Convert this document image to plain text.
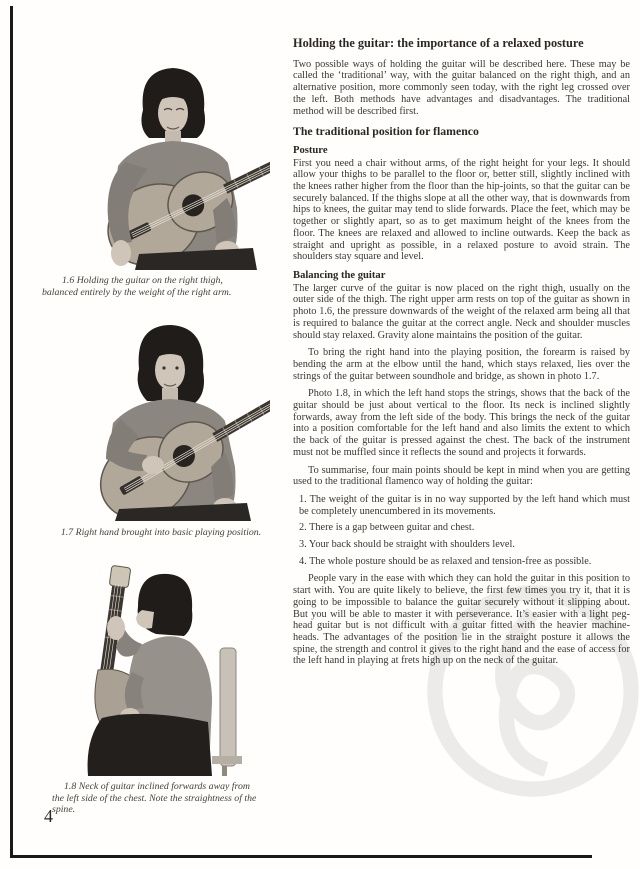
1.6 Holding the guitar on the right thigh, balanced entirely by the weight of the right arm.
1.7 Right hand brought into basic playing position.
1.8 Neck of guitar inclined forwards away from the left side of the chest. Note the straightness of the spine.
Holding the guitar: the importance of a relaxed posture

Two possible ways of holding the guitar will be described here. These may be called the ‘traditional’ way, with the guitar balanced on the right thigh, and an alternative position, more commonly seen today, with the right leg crossed over the left. Both methods have advantages and disadvantages. The traditional method will be described first.

The traditional position for flamenco
Posture

First you need a chair without arms, of the right height for your legs. It should allow your thighs to be parallel to the floor or, better still, slightly inclined with the knees rather higher from the floor than the hip-joints, so that the guitar can be securely balanced. If the thighs slope at all the other way, that is downwards from hips to knees, the guitar may tend to slide forwards. Place the feet, which may be together or slightly apart, so as to get maximum height of the knees from the floor. The knees are relaxed and allowed to incline outwards. Keep the back as straight and upright as possible, in a relaxed posture to avoid strain. The shoulders stay square and level.

Balancing the guitar

The larger curve of the guitar is now placed on the right thigh, usually on the outer side of the thigh. The right upper arm rests on top of the guitar as shown in photo 1.6, the pressure downwards of the weight of the relaxed arm being all that is required to balance the guitar at the correct angle. Neck and shoulder muscles should stay relaxed. Gravity alone maintains the position of the guitar.

To bring the right hand into the playing position, the forearm is raised by bending the arm at the elbow until the hand, which stays relaxed, lies over the strings of the guitar between soundhole and bridge, as shown in photo 1.7.

Photo 1.8, in which the left hand stops the strings, shows that the back of the guitar should be just about vertical to the floor. Its neck is inclined slightly forwards, away from the left side of the body. This brings the neck of the guitar into a position comfortable for the left hand and also limits the extent to which the back of the guitar is pressed against the chest. The back of the instrument must not be muffled since it reflects the sound and projects it forwards.

To summarise, four main points should be kept in mind when you are getting used to the traditional flamenco way of holding the guitar:

1. The weight of the guitar is in no way supported by the left hand which must be completely unencumbered in its movements.
2. There is a gap between guitar and chest.
3. Your back should be straight with shoulders level.
4. The whole posture should be as relaxed and tension-free as possible.

People vary in the ease with which they can hold the guitar in this position to start with. You are quite likely to believe, the first few times you try it, that it is going to be impossible to balance the guitar securely without it slipping about. But you will be able to master it with perseverance. It’s easier with a light peg-head guitar but is not difficult with a guitar fitted with the heavier machine-heads. The advantages of the position lie in the straight posture it allows the spine, the strength and control it gives to the right hand and the ease of access for the left hand in playing at frets high up on the neck of the guitar.

4
